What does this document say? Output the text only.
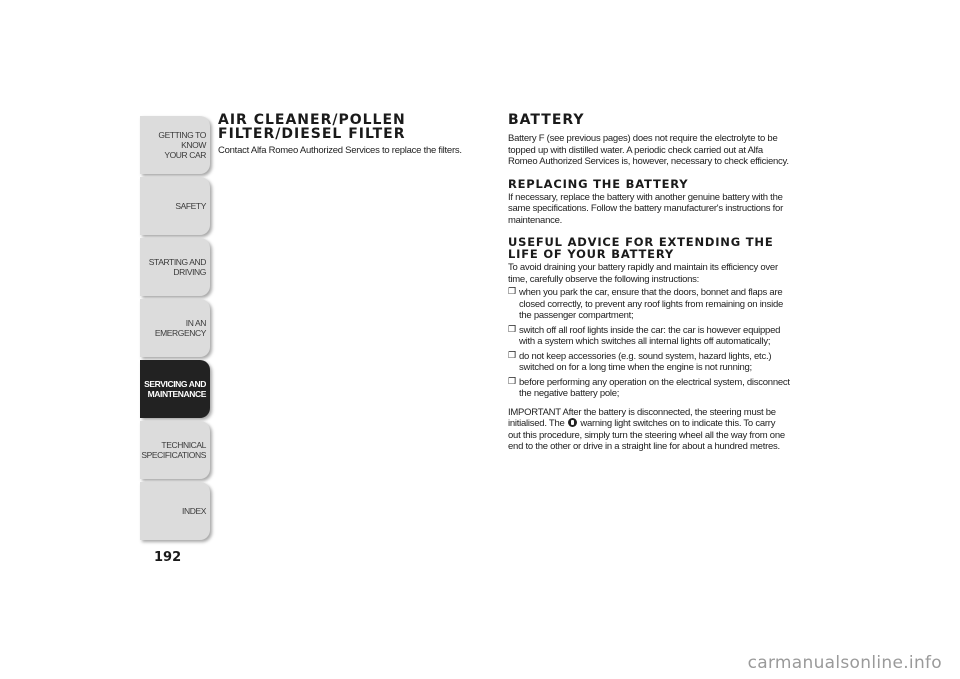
GETTING TO KNOW
YOUR CAR
SAFETY
STARTING AND
DRIVING
IN AN EMERGENCY
SERVICING AND
MAINTENANCE
TECHNICAL
SPECIFICATIONS
INDEX
192
AIR CLEANER/POLLEN FILTER/DIESEL FILTER

Contact Alfa Romeo Authorized Services to replace the filters.

BATTERY

Battery F (see previous pages) does not require the electrolyte to be topped up with distilled water. A periodic check carried out at Alfa Romeo Authorized Services is, however, necessary to check efficiency.

REPLACING THE BATTERY

If necessary, replace the battery with another genuine battery with the same specifications. Follow the battery manufacturer's instructions for maintenance.

USEFUL ADVICE FOR EXTENDING THE LIFE OF YOUR BATTERY

To avoid draining your battery rapidly and maintain its efficiency over time, carefully observe the following instructions:

❒ when you park the car, ensure that the doors, bonnet and flaps are closed correctly, to prevent any roof lights from remaining on inside the passenger compartment;
❒ switch off all roof lights inside the car: the car is however equipped with a system which switches all internal lights off automatically;
❒ do not keep accessories (e.g. sound system, hazard lights, etc.) switched on for a long time when the engine is not running;
❒ before performing any operation on the electrical system, disconnect the negative battery pole;

IMPORTANT After the battery is disconnected, the steering must be initialised. The warning light switches on to indicate this. To carry out this procedure, simply turn the steering wheel all the way from one end to the other or drive in a straight line for about a hundred metres.

carmanualsonline.info
